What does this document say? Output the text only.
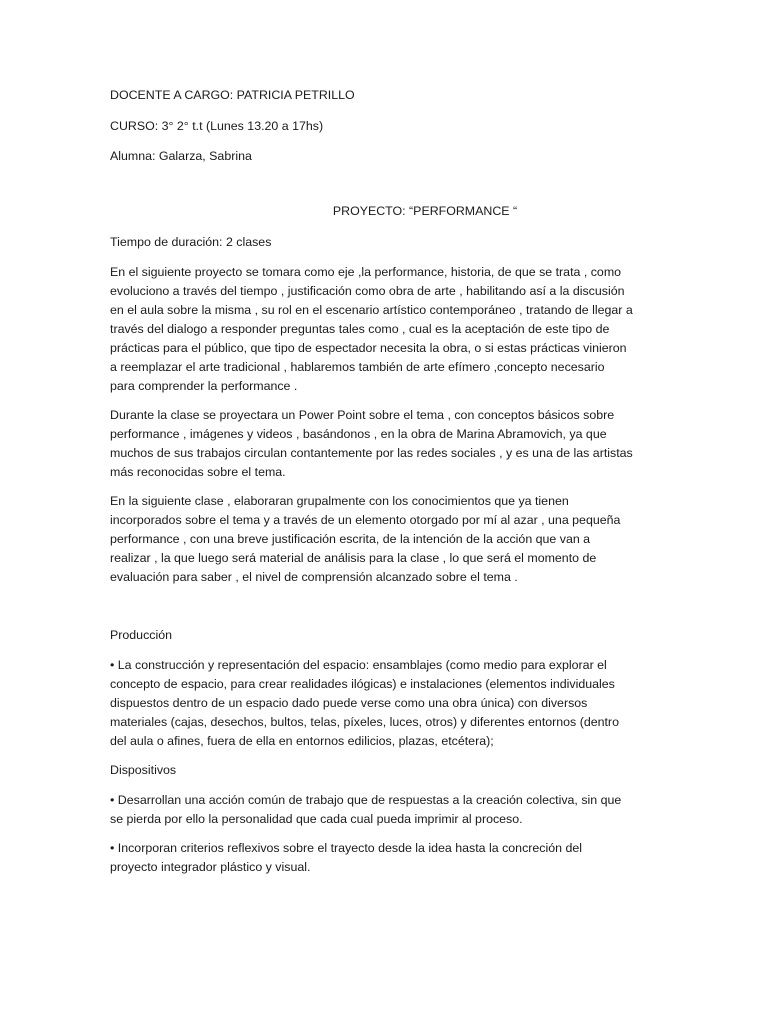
DOCENTE A CARGO: PATRICIA PETRILLO

CURSO: 3° 2° t.t (Lunes 13.20 a 17hs)

Alumna: Galarza, Sabrina

PROYECTO: “PERFORMANCE “

Tiempo de duración: 2 clases

En el siguiente proyecto se tomara como eje ,la performance, historia, de que se trata , como
evoluciono a través del tiempo , justificación como obra de arte , habilitando así a la discusión
en el aula sobre la misma , su rol en el escenario artístico contemporáneo , tratando de llegar a
través del dialogo a responder preguntas tales como , cual es la aceptación de este tipo de
prácticas para el público, que tipo de espectador necesita la obra, o si estas prácticas vinieron
a reemplazar el arte tradicional , hablaremos también de arte efímero ,concepto necesario
para comprender la performance .

Durante la clase se proyectara un Power Point sobre el tema , con conceptos básicos sobre
performance , imágenes y videos , basándonos , en la obra de Marina Abramovich, ya que
muchos de sus trabajos circulan contantemente por las redes sociales , y es una de las artistas
más reconocidas sobre el tema.

En la siguiente clase , elaboraran grupalmente con los conocimientos que ya tienen
incorporados sobre el tema y a través de un elemento otorgado por mí al azar , una pequeña
performance , con una breve justificación escrita, de la intención de la acción que van a
realizar , la que luego será material de análisis para la clase , lo que será el momento de
evaluación para saber , el nivel de comprensión alcanzado sobre el tema .

Producción

• La construcción y representación del espacio: ensamblajes (como medio para explorar el
concepto de espacio, para crear realidades ilógicas) e instalaciones (elementos individuales
dispuestos dentro de un espacio dado puede verse como una obra única) con diversos
materiales (cajas, desechos, bultos, telas, píxeles, luces, otros) y diferentes entornos (dentro
del aula o afines, fuera de ella en entornos edilicios, plazas, etcétera);

Dispositivos

• Desarrollan una acción común de trabajo que de respuestas a la creación colectiva, sin que
se pierda por ello la personalidad que cada cual pueda imprimir al proceso.

• Incorporan criterios reflexivos sobre el trayecto desde la idea hasta la concreción del
proyecto integrador plástico y visual.
